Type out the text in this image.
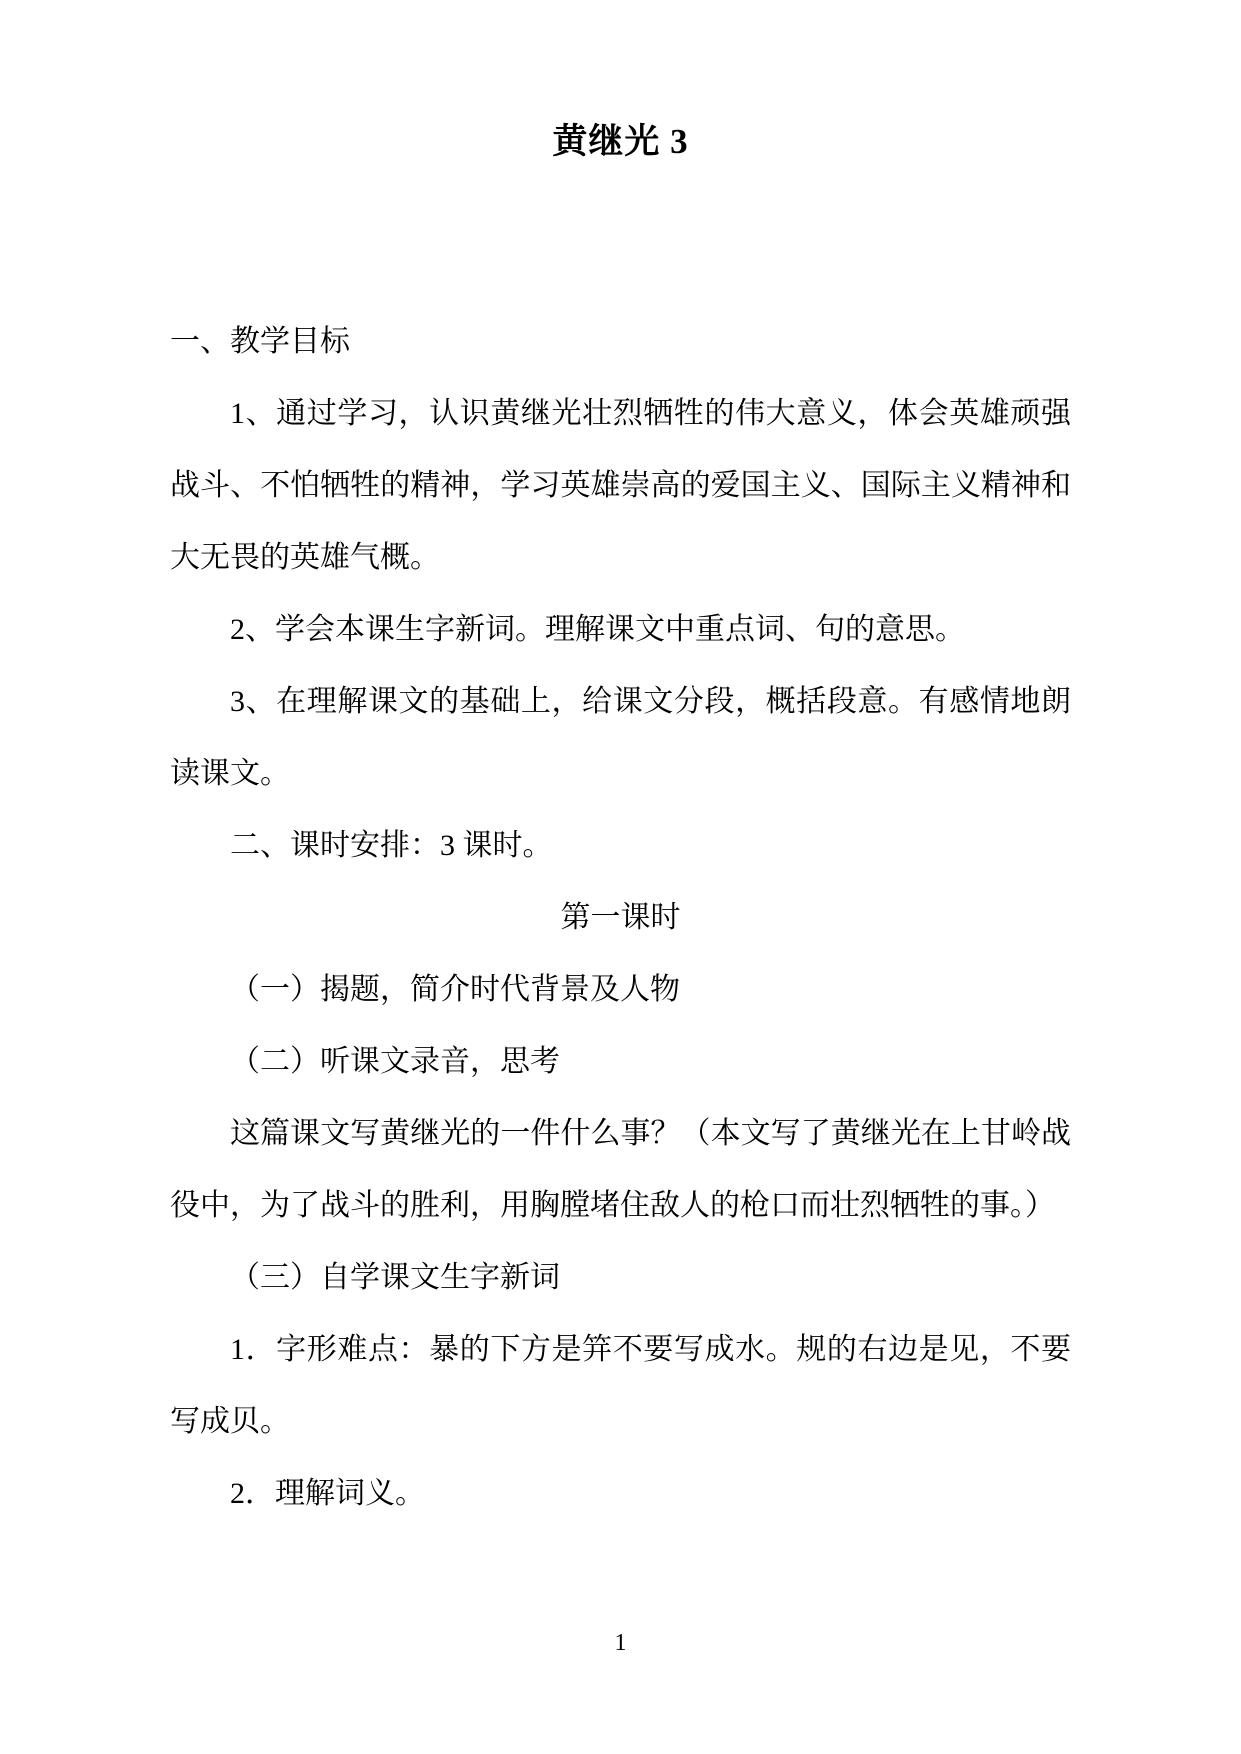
黄继光 3

一、教学目标

1、通过学习，认识黄继光壮烈牺牲的伟大意义，体会英雄顽强战斗、不怕牺牲的精神，学习英雄崇高的爱国主义、国际主义精神和大无畏的英雄气概。

2、学会本课生字新词。理解课文中重点词、句的意思。

3、在理解课文的基础上，给课文分段，概括段意。有感情地朗读课文。

二、课时安排：3 课时。

第一课时

（一）揭题，简介时代背景及人物

（二）听课文录音，思考

这篇课文写黄继光的一件什么事？（本文写了黄继光在上甘岭战役中，为了战斗的胜利，用胸膛堵住敌人的枪口而壮烈牺牲的事。）

（三）自学课文生字新词

1．字形难点：暴的下方是笄不要写成水。规的右边是见，不要写成贝。

2．理解词义。

1
